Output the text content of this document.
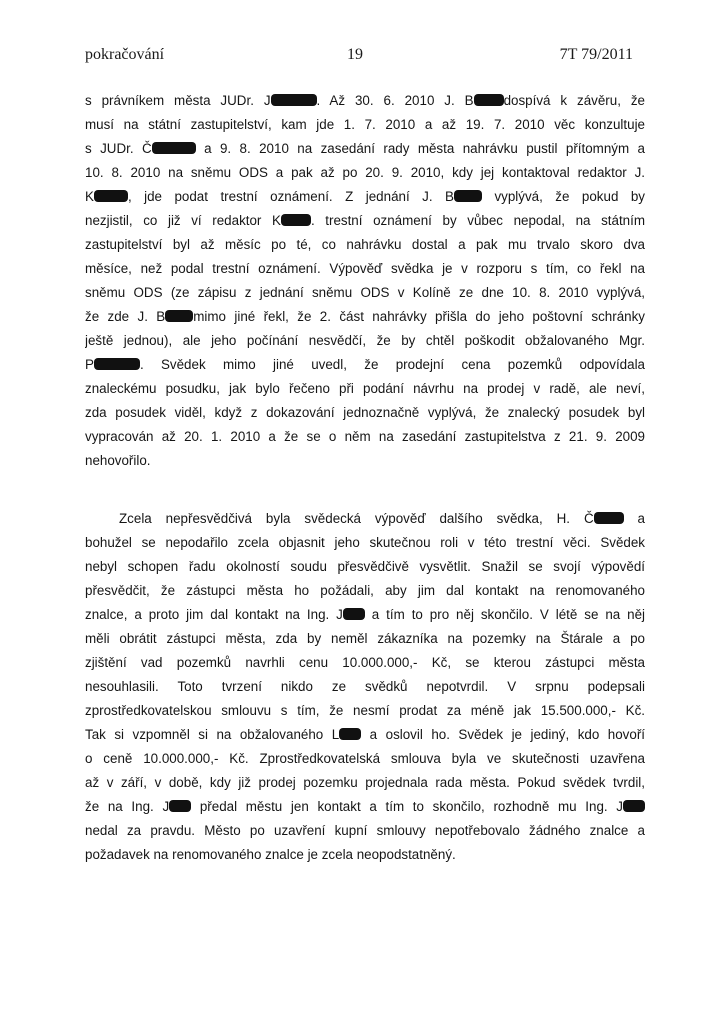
pokračování	19	7T 79/2011
s právníkem města JUDr. J	. Až 30. 6. 2010 J. B dospívá k závěru, že
musí na státní zastupitelství, kam jde 1. 7. 2010 a až 19. 7. 2010 věc konzultuje
s JUDr. Č	a 9. 8. 2010 na zasedání rady města nahrávku pustil přítomným a
10. 8. 2010 na sněmu ODS a pak až po 20. 9. 2010, kdy jej kontaktoval redaktor J.
K	, jde podat trestní oznámení. Z jednání J. B vyplývá, že pokud by
nezjistil, co již ví redaktor K . trestní oznámení by vůbec nepodal, na státním
zastupitelství byl až měsíc po té, co nahrávku dostal a pak mu trvalo skoro dva
měsíce, než podal trestní oznámení. Výpověď svědka je v rozporu s tím, co řekl na
sněmu ODS (ze zápisu z jednání sněmu ODS v Kolíně ze dne 10. 8. 2010 vyplývá,
že zde J. B mimo jiné řekl, že 2. část nahrávky přišla do jeho poštovní schránky
ještě jednou), ale jeho počínání nesvědčí, že by chtěl poškodit obžalovaného Mgr.
P	. Svědek mimo jiné uvedl, že prodejní cena pozemků odpovídala
znaleckému posudku, jak bylo řečeno při podání návrhu na prodej v radě, ale neví,
zda posudek viděl, když z dokazování jednoznačně vyplývá, že znalecký posudek byl
vypracován až 20. 1. 2010 a že se o něm na zasedání zastupitelstva z 21. 9. 2009
nehovořilo.
Zcela nepřesvědčivá byla svědecká výpověď dalšího svědka, H. Č a
bohužel se nepodařilo zcela objasnit jeho skutečnou roli v této trestní věci. Svědek
nebyl schopen řadu okolností soudu přesvědčivě vysvětlit. Snažil se svojí výpovědí
přesvědčit, že zástupci města ho požádali, aby jim dal kontakt na renomovaného
znalce, a proto jim dal kontakt na Ing. J a tím to pro něj skončilo. V létě se na něj
měli obrátit zástupci města, zda by neměl zákazníka na pozemky na Štárale a po
zjištění vad pozemků navrhli cenu 10.000.000,- Kč, se kterou zástupci města
nesouhlasili. Toto tvrzení nikdo ze svědků nepotvrdil. V srpnu podepsali
zprostředkovatelskou smlouvu s tím, že nesmí prodat za méně jak 15.500.000,- Kč.
Tak si vzpomněl si na obžalovaného L a oslovil ho. Svědek je jediný, kdo hovoří
o ceně 10.000.000,- Kč. Zprostředkovatelská smlouva byla ve skutečnosti uzavřena
až v září, v době, kdy již prodej pozemku projednala rada města. Pokud svědek tvrdil,
že na Ing. J předal městu jen kontakt a tím to skončilo, rozhodně mu Ing. J
nedal za pravdu. Město po uzavření kupní smlouvy nepotřebovalo žádného znalce a
požadavek na renomovaného znalce je zcela neopodstatněný.
